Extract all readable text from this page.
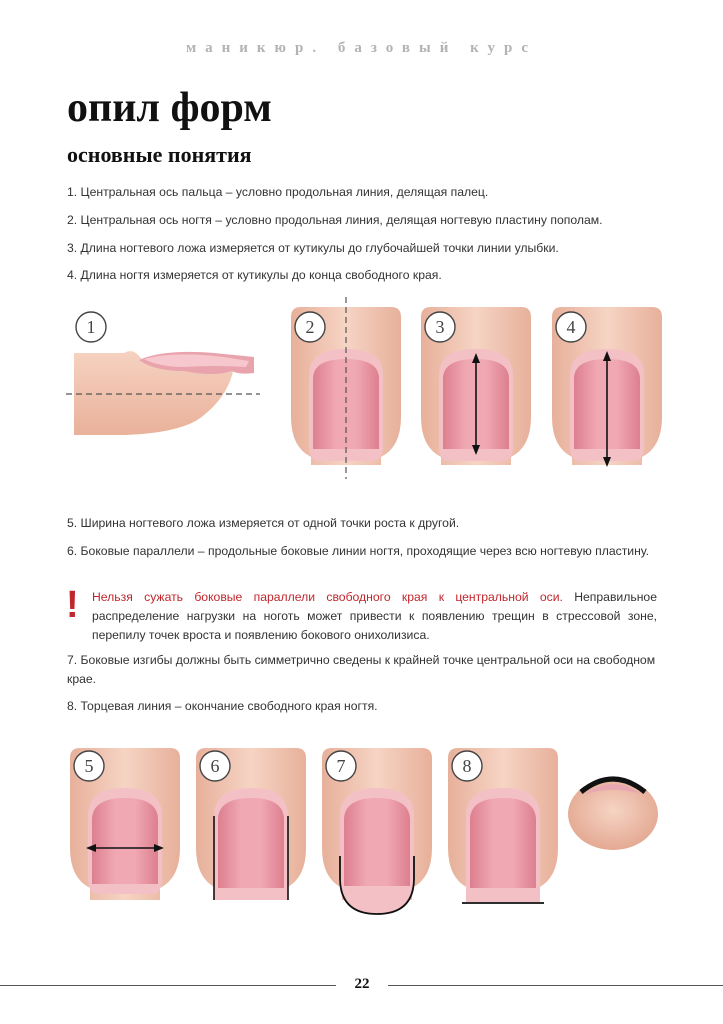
маникюр. базовый курс
опил форм
основные понятия
1. Центральная ось пальца – условно продольная линия, делящая палец.
2. Центральная ось ногтя – условно продольная линия, делящая ногтевую пластину пополам.
3. Длина ногтевого ложа измеряется от кутикулы до глубочайшей точки линии улыбки.
4. Длина ногтя измеряется от кутикулы до конца свободного края.
1	2	3	4
5. Ширина ногтевого ложа измеряется от одной точки роста к другой.
6. Боковые параллели – продольные боковые линии ногтя, проходящие через всю ногтевую пластину.
! Нельзя сужать боковые параллели свободного края к центральной оси. Неправильное распределение нагрузки на ноготь может привести к появлению трещин в стрессовой зоне, перепилу точек вроста и появлению бокового онихолизиса.
7. Боковые изгибы должны быть симметрично сведены к крайней точке центральной оси на свободном крае.
8. Торцевая линия – окончание свободного края ногтя.
5	6	7	8
22
